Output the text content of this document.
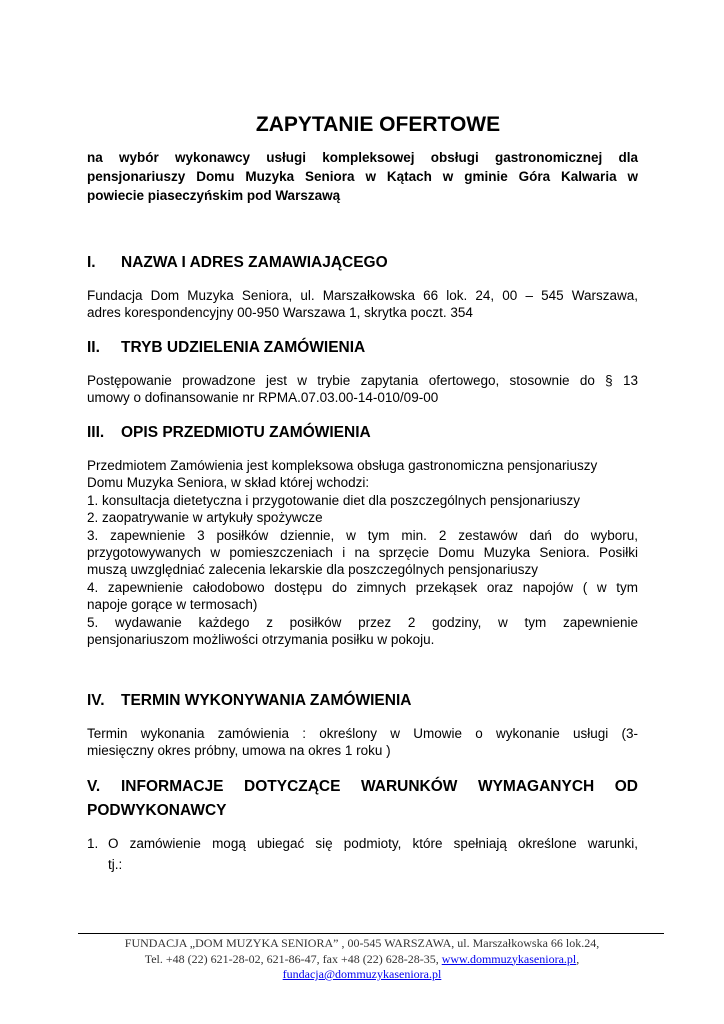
ZAPYTANIE OFERTOWE
na wybór wykonawcy usługi kompleksowej obsługi gastronomicznej dla
pensjonariuszy Domu Muzyka Seniora w Kątach w gminie Góra Kalwaria w
powiecie piaseczyńskim pod Warszawą
I. NAZWA I ADRES ZAMAWIAJĄCEGO
Fundacja Dom Muzyka Seniora, ul. Marszałkowska 66 lok. 24, 00 – 545 Warszawa,
adres korespondencyjny 00-950 Warszawa 1, skrytka poczt. 354
II. TRYB UDZIELENIA ZAMÓWIENIA
Postępowanie prowadzone jest w trybie zapytania ofertowego, stosownie do § 13
umowy o dofinansowanie nr RPMA.07.03.00-14-010/09-00
III. OPIS PRZEDMIOTU ZAMÓWIENIA
Przedmiotem Zamówienia jest kompleksowa obsługa gastronomiczna pensjonariuszy
Domu Muzyka Seniora, w skład której wchodzi:
1. konsultacja dietetyczna i przygotowanie diet dla poszczególnych pensjonariuszy
2. zaopatrywanie w artykuły spożywcze
3. zapewnienie 3 posiłków dziennie, w tym min. 2 zestawów dań do wyboru,
przygotowywanych w pomieszczeniach i na sprzęcie Domu Muzyka Seniora. Posiłki
muszą uwzględniać zalecenia lekarskie dla poszczególnych pensjonariuszy
4. zapewnienie całodobowo dostępu do zimnych przekąsek oraz napojów ( w tym
napoje gorące w termosach)
5. wydawanie każdego z posiłków przez 2 godziny, w tym zapewnienie
pensjonariuszom możliwości otrzymania posiłku w pokoju.
IV. TERMIN WYKONYWANIA ZAMÓWIENIA
Termin wykonania zamówienia : określony w Umowie o wykonanie usługi (3-
miesięczny okres próbny, umowa na okres 1 roku )
V. INFORMACJE DOTYCZĄCE WARUNKÓW WYMAGANYCH OD
PODWYKONAWCY
1. O zamówienie mogą ubiegać się podmioty, które spełniają określone warunki,
tj.:
FUNDACJA „DOM MUZYKA SENIORA” , 00-545 WARSZAWA, ul. Marszałkowska 66 lok.24,
Tel. +48 (22) 621-28-02, 621-86-47, fax +48 (22) 628-28-35, www.dommuzykaseniora.pl,
fundacja@dommuzykaseniora.pl
